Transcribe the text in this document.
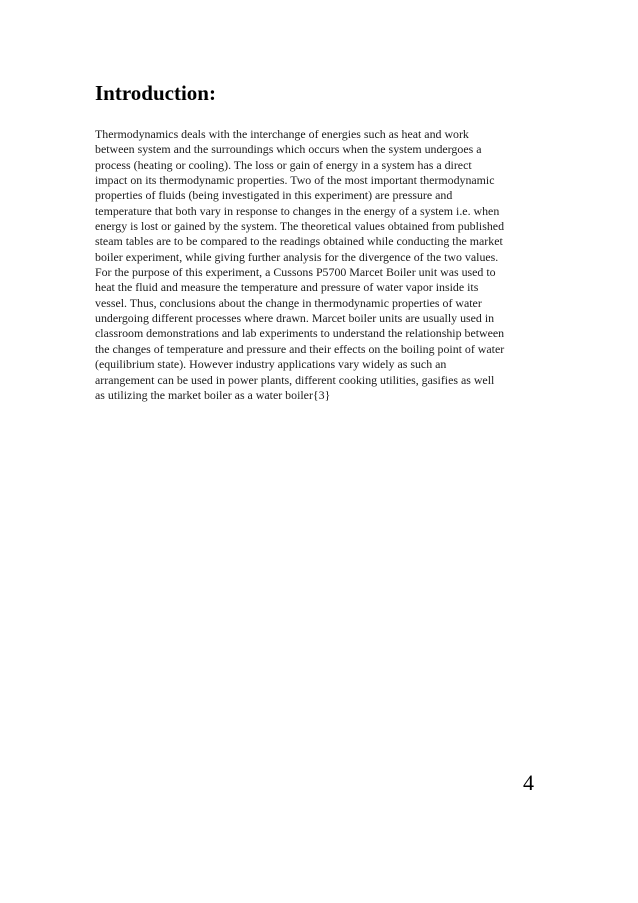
Introduction:
Thermodynamics deals with the interchange of energies such as heat and work
between system and the surroundings which occurs when the system undergoes a
process (heating or cooling). The loss or gain of energy in a system has a direct
impact on its thermodynamic properties. Two of the most important thermodynamic
properties of fluids (being investigated in this experiment) are pressure and
temperature that both vary in response to changes in the energy of a system i.e. when
energy is lost or gained by the system. The theoretical values obtained from published
steam tables are to be compared to the readings obtained while conducting the market
boiler experiment, while giving further analysis for the divergence of the two values.
For the purpose of this experiment, a Cussons P5700 Marcet Boiler unit was used to
heat the fluid and measure the temperature and pressure of water vapor inside its
vessel. Thus, conclusions about the change in thermodynamic properties of water
undergoing different processes where drawn. Marcet boiler units are usually used in
classroom demonstrations and lab experiments to understand the relationship between
the changes of temperature and pressure and their effects on the boiling point of water
(equilibrium state). However industry applications vary widely as such an
arrangement can be used in power plants, different cooking utilities, gasifies as well
as utilizing the market boiler as a water boiler{3}
4
